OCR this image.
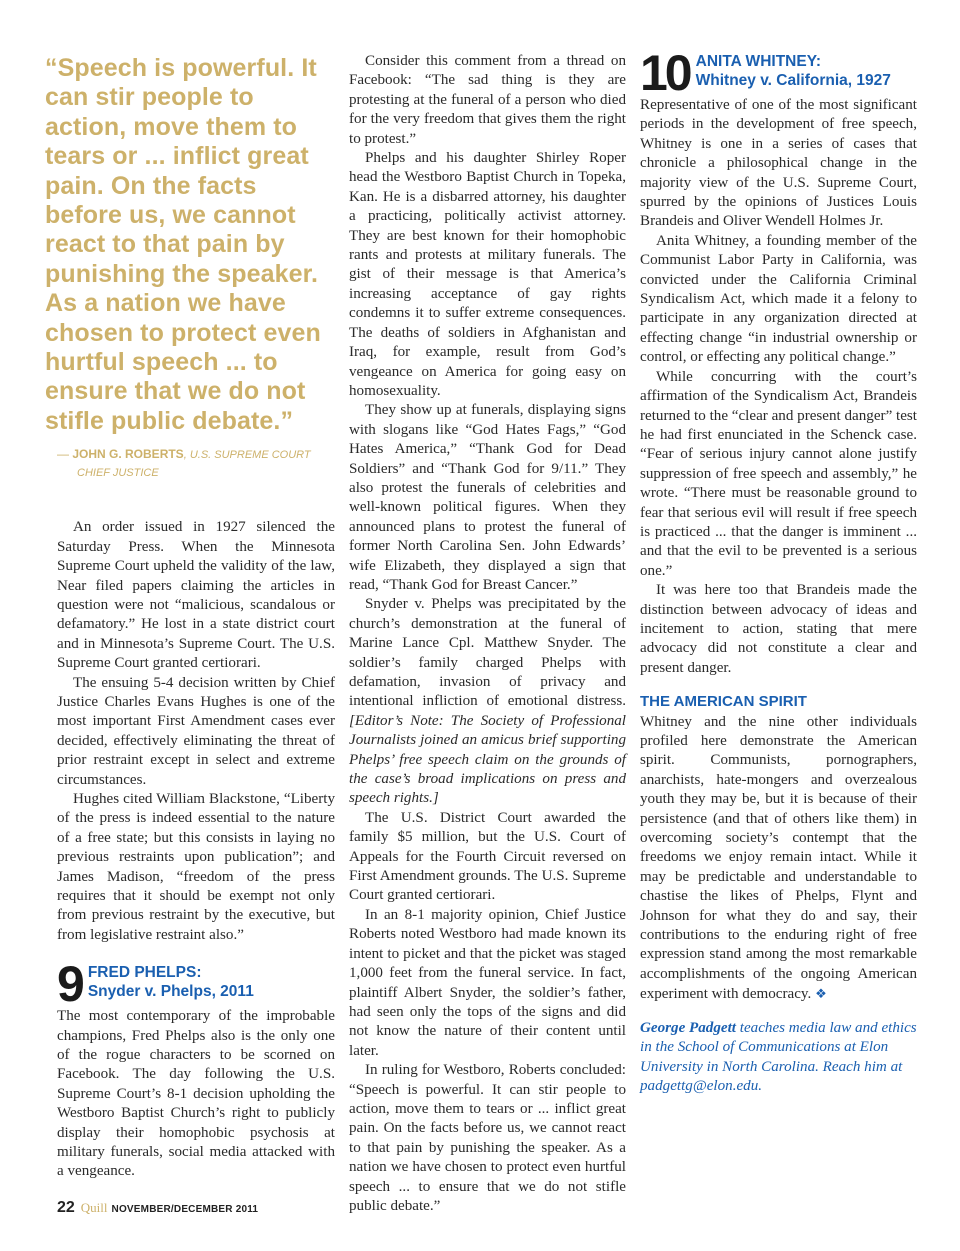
“Speech is powerful. It can stir people to action, move them to tears or ... inflict great pain. On the facts before us, we cannot react to that pain by punishing the speaker. As a nation we have chosen to protect even hurtful speech ... to ensure that we do not stifle public debate.”
— JOHN G. ROBERTS, U.S. SUPREME COURT CHIEF JUSTICE

An order issued in 1927 silenced the Saturday Press. When the Minnesota Supreme Court upheld the validity of the law, Near filed papers claiming the articles in question were not “malicious, scandalous or defamatory.” He lost in a state district court and in Minnesota’s Supreme Court. The U.S. Supreme Court granted certiorari.

The ensuing 5-4 decision written by Chief Justice Charles Evans Hughes is one of the most important First Amendment cases ever decided, effectively eliminating the threat of prior restraint except in select and extreme circumstances.

Hughes cited William Blackstone, “Liberty of the press is indeed essential to the nature of a free state; but this consists in laying no previous restraints upon publication”; and James Madison, “freedom of the press requires that it should be exempt not only from previous restraint by the executive, but from legislative restraint also.”

9 FRED PHELPS:
Snyder v. Phelps, 2011

The most contemporary of the improbable champions, Fred Phelps also is the only one of the rogue characters to be scorned on Facebook. The day following the U.S. Supreme Court’s 8-1 decision upholding the Westboro Baptist Church’s right to publicly display their homophobic psychosis at military funerals, social media attacked with a vengeance.

Consider this comment from a thread on Facebook: “The sad thing is they are protesting at the funeral of a person who died for the very freedom that gives them the right to protest.”

Phelps and his daughter Shirley Roper head the Westboro Baptist Church in Topeka, Kan. He is a disbarred attorney, his daughter a practicing, politically activist attorney. They are best known for their homophobic rants and protests at military funerals. The gist of their message is that America’s increasing acceptance of gay rights condemns it to suffer extreme consequences. The deaths of soldiers in Afghanistan and Iraq, for example, result from God’s vengeance on America for going easy on homosexuality.

They show up at funerals, displaying signs with slogans like “God Hates Fags,” “God Hates America,” “Thank God for Dead Soldiers” and “Thank God for 9/11.” They also protest the funerals of celebrities and well-known political figures. When they announced plans to protest the funeral of former North Carolina Sen. John Edwards’ wife Elizabeth, they displayed a sign that read, “Thank God for Breast Cancer.”

Snyder v. Phelps was precipitated by the church’s demonstration at the funeral of Marine Lance Cpl. Matthew Snyder. The soldier’s family charged Phelps with defamation, invasion of privacy and intentional infliction of emotional distress. [Editor’s Note: The Society of Professional Journalists joined an amicus brief supporting Phelps’ free speech claim on the grounds of the case’s broad implications on press and speech rights.]

The U.S. District Court awarded the family $5 million, but the U.S. Court of Appeals for the Fourth Circuit reversed on First Amendment grounds. The U.S. Supreme Court granted certiorari.

In an 8-1 majority opinion, Chief Justice Roberts noted Westboro had made known its intent to picket and that the picket was staged 1,000 feet from the funeral service. In fact, plaintiff Albert Snyder, the soldier’s father, had seen only the tops of the signs and did not know the nature of their content until later.

In ruling for Westboro, Roberts concluded: “Speech is powerful. It can stir people to action, move them to tears or ... inflict great pain. On the facts before us, we cannot react to that pain by punishing the speaker. As a nation we have chosen to protect even hurtful speech ... to ensure that we do not stifle public debate.”

10 ANITA WHITNEY:
Whitney v. California, 1927

Representative of one of the most significant periods in the development of free speech, Whitney is one in a series of cases that chronicle a philosophical change in the majority view of the U.S. Supreme Court, spurred by the opinions of Justices Louis Brandeis and Oliver Wendell Holmes Jr.

Anita Whitney, a founding member of the Communist Labor Party in California, was convicted under the California Criminal Syndicalism Act, which made it a felony to participate in any organization directed at effecting change “in industrial ownership or control, or effecting any political change.”

While concurring with the court’s affirmation of the Syndicalism Act, Brandeis returned to the “clear and present danger” test he had first enunciated in the Schenck case. “Fear of serious injury cannot alone justify suppression of free speech and assembly,” he wrote. “There must be reasonable ground to fear that serious evil will result if free speech is practiced ... that the danger is imminent ... and that the evil to be prevented is a serious one.”

It was here too that Brandeis made the distinction between advocacy of ideas and incitement to action, stating that mere advocacy did not constitute a clear and present danger.

THE AMERICAN SPIRIT

Whitney and the nine other individuals profiled here demonstrate the American spirit. Communists, pornographers, anarchists, hate-mongers and overzealous youth they may be, but it is because of their persistence (and that of others like them) in overcoming society’s contempt that the freedoms we enjoy remain intact. While it may be predictable and understandable to chastise the likes of Phelps, Flynt and Johnson for what they do and say, their contributions to the enduring right of free expression stand among the most remarkable accomplishments of the ongoing American experiment with democracy. ❖

George Padgett teaches media law and ethics in the School of Communications at Elon University in North Carolina. Reach him at padgettg@elon.edu.
22 Quill NOVEMBER/DECEMBER 2011
